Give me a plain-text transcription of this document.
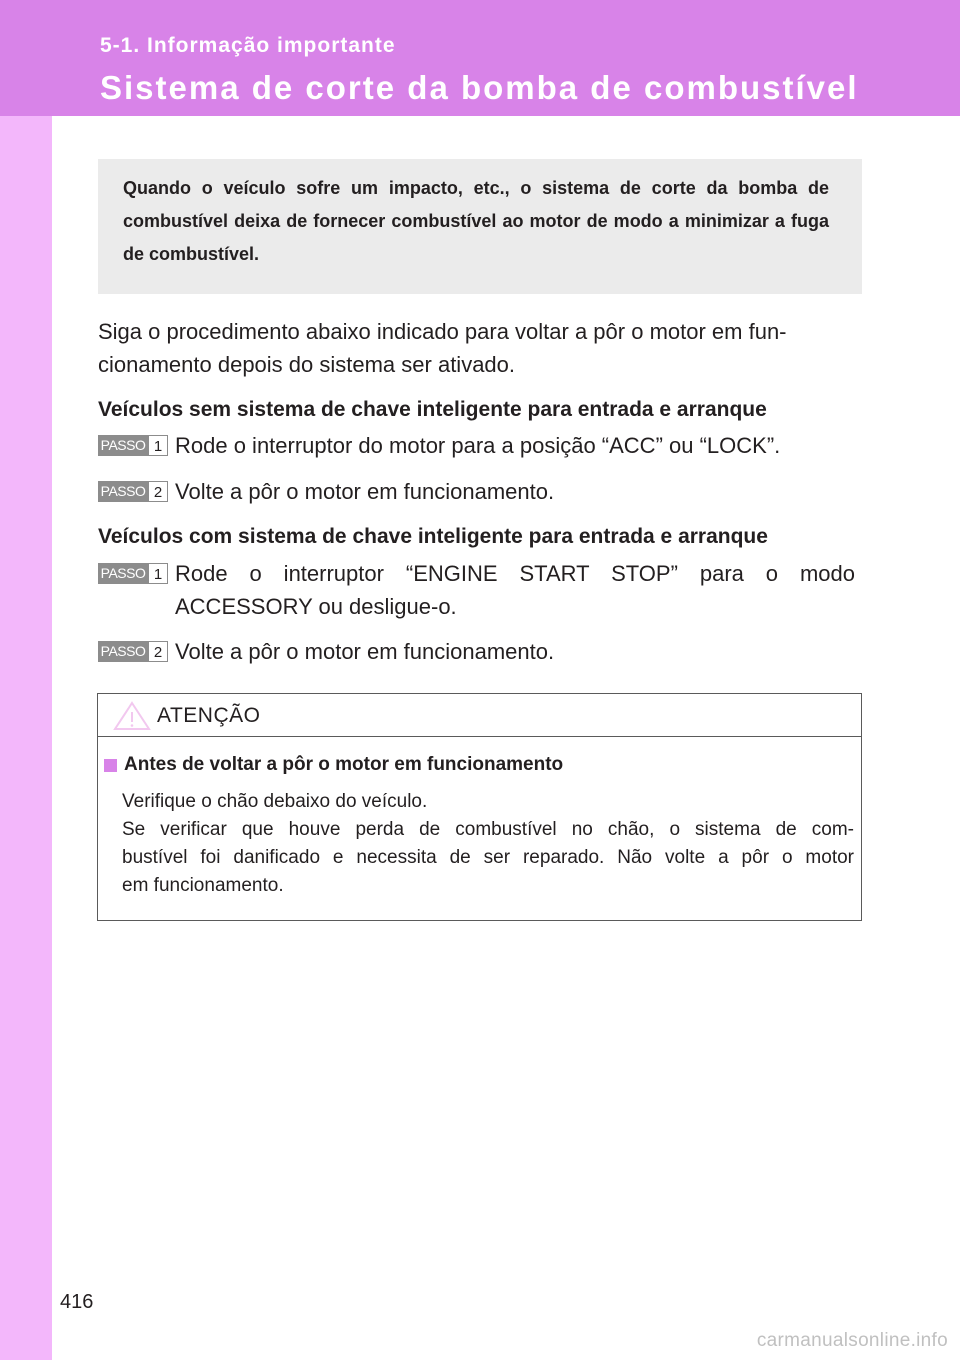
5-1. Informação importante

Sistema de corte da bomba de combustível

Quando o veículo sofre um impacto, etc., o sistema de corte da bomba de combustível deixa de fornecer combustível ao motor de modo a minimizar a fuga de combustível.

Siga o procedimento abaixo indicado para voltar a pôr o motor em fun-
cionamento depois do sistema ser ativado.

Veículos sem sistema de chave inteligente para entrada e arranque
PASSO 1 Rode o interruptor do motor para a posição “ACC” ou “LOCK”.

PASSO 2 Volte a pôr o motor em funcionamento.

Veículos com sistema de chave inteligente para entrada e arranque
PASSO 1 Rode o interruptor “ENGINE START STOP” para o modo
ACCESSORY ou desligue-o.

PASSO 2 Volte a pôr o motor em funcionamento.

ATENÇÃO

Antes de voltar a pôr o motor em funcionamento

Verifique o chão debaixo do veículo.
Se verificar que houve perda de combustível no chão, o sistema de com-
bustível foi danificado e necessita de ser reparado. Não volte a pôr o motor
em funcionamento.

416

carmanualsonline.info
